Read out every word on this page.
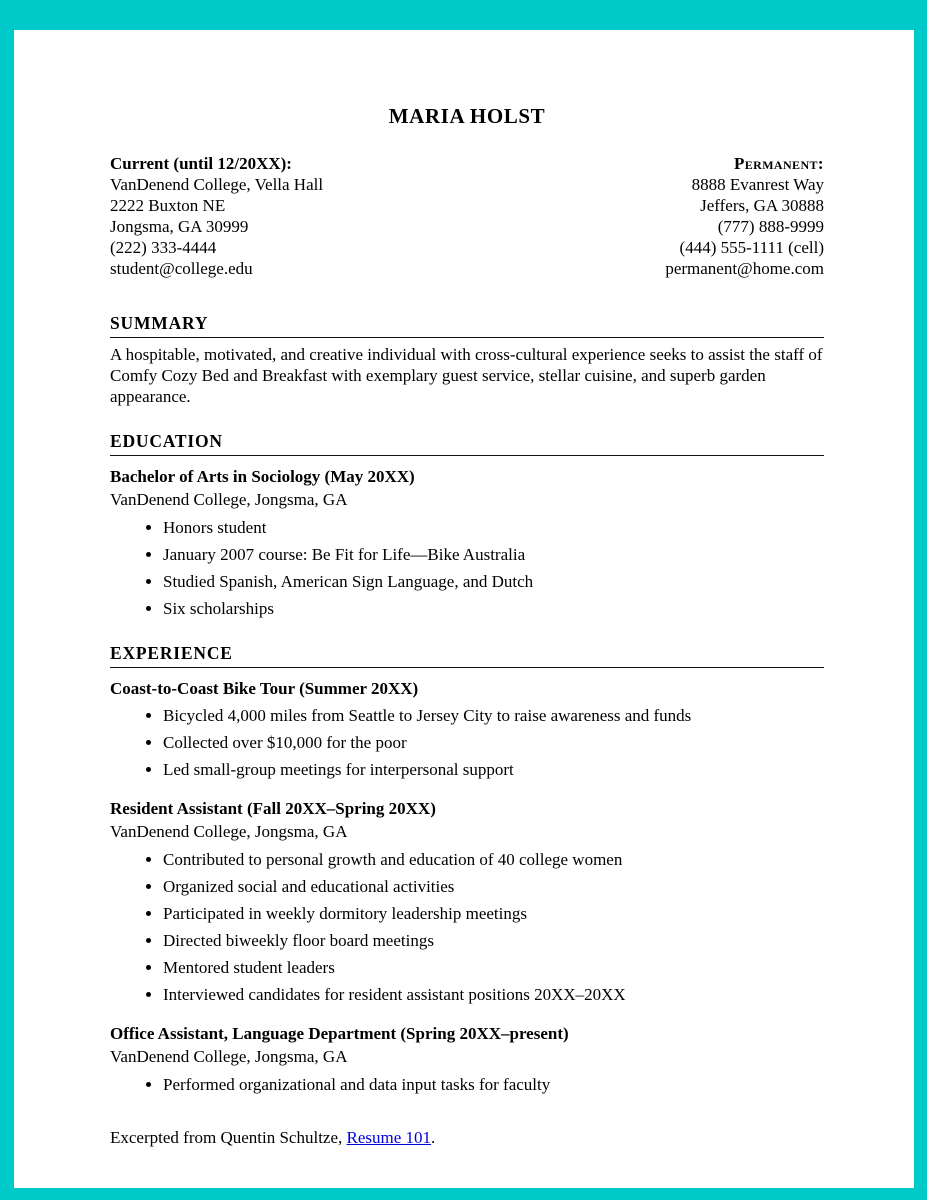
MARIA HOLST
Current (until 12/20XX):
VanDenend College, Vella Hall
2222 Buxton NE
Jongsma, GA 30999
(222) 333-4444
student@college.edu
Permanent:
8888 Evanrest Way
Jeffers, GA 30888
(777) 888-9999
(444) 555-1111 (cell)
permanent@home.com
SUMMARY

A hospitable, motivated, and creative individual with cross-cultural experience seeks to assist the staff of Comfy Cozy Bed and Breakfast with exemplary guest service, stellar cuisine, and superb garden appearance.

EDUCATION
Bachelor of Arts in Sociology (May 20XX)
VanDenend College, Jongsma, GA
• Honors student
• January 2007 course: Be Fit for Life—Bike Australia
• Studied Spanish, American Sign Language, and Dutch
• Six scholarships
EXPERIENCE
Coast-to-Coast Bike Tour (Summer 20XX)
• Bicycled 4,000 miles from Seattle to Jersey City to raise awareness and funds
• Collected over $10,000 for the poor
• Led small-group meetings for interpersonal support
Resident Assistant (Fall 20XX–Spring 20XX)
VanDenend College, Jongsma, GA
• Contributed to personal growth and education of 40 college women
• Organized social and educational activities
• Participated in weekly dormitory leadership meetings
• Directed biweekly floor board meetings
• Mentored student leaders
• Interviewed candidates for resident assistant positions 20XX–20XX
Office Assistant, Language Department (Spring 20XX–present)
VanDenend College, Jongsma, GA
• Performed organizational and data input tasks for faculty
Excerpted from Quentin Schultze, Resume 101.
